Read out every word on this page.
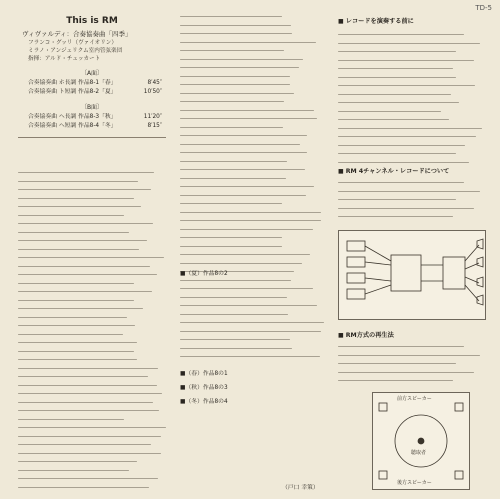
TD-5
This is RM
ヴィヴァルディ：合奏協奏曲「四季」
フランコ・グッリ（ヴァイオリン）
ミラノ・アンジェリクム室内管弦楽団
指揮：アルド・チェッカート
〔A面〕
合奏協奏曲 ホ長調 作品8-1「春」	8′45″
合奏協奏曲 ト短調 作品8-2「夏」	10′50″
〔B面〕
合奏協奏曲 ヘ長調 作品8-3「秋」	11′20″
合奏協奏曲 ヘ短調 作品8-4「冬」	8′15″
■（春）作品8の1
■（夏）作品8の2
■（秋）作品8の3
■（冬）作品8の4
（戸口 幸策）
■ レコードを演奏する前に
■ RM 4チャンネル・レコードについて
■ RM方式の再生法
前方スピーカー
聴取者
後方スピーカー
